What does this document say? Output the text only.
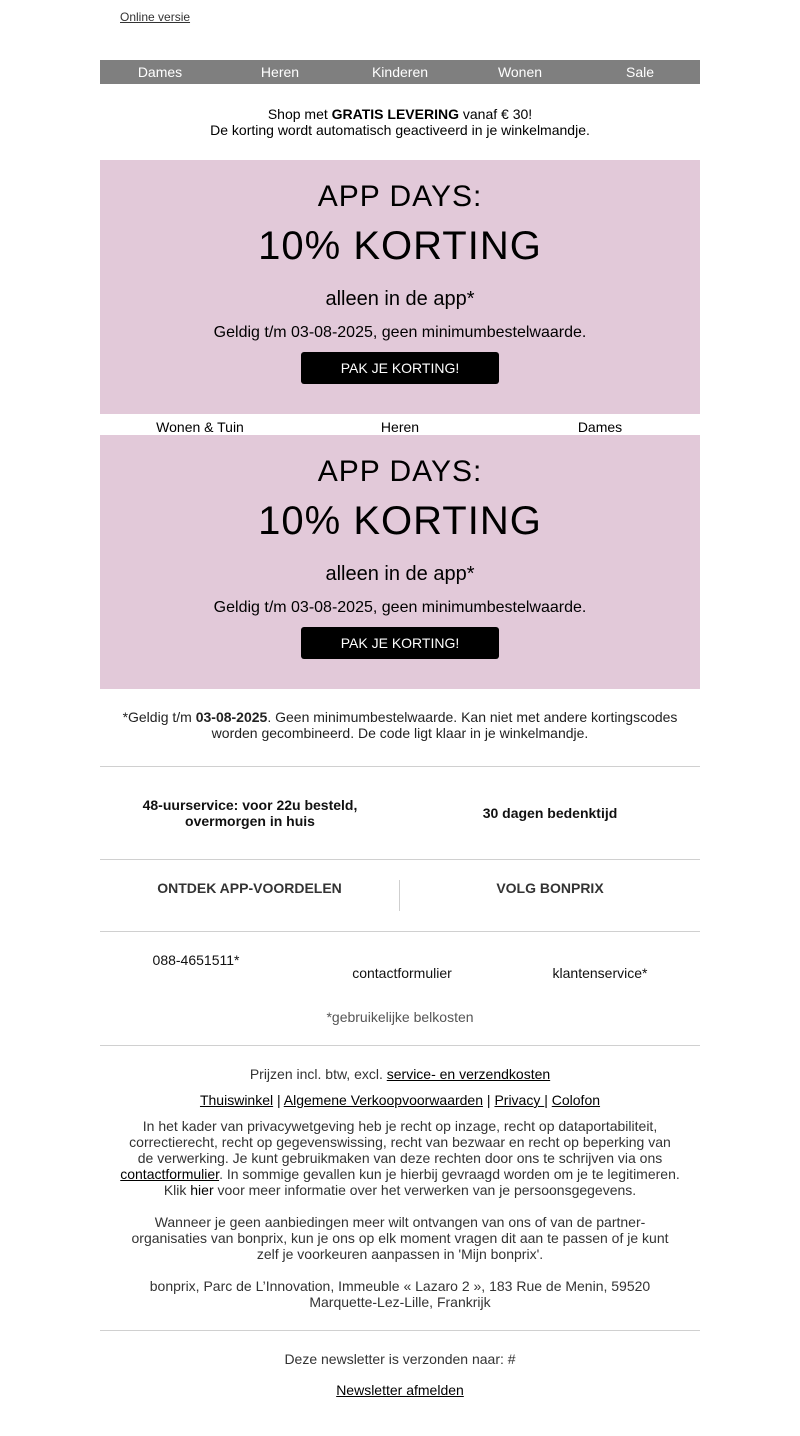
Online versie
Dames	Heren	Kinderen	Wonen	Sale
Shop met GRATIS LEVERING vanaf € 30!
De korting wordt automatisch geactiveerd in je winkelmandje.
APP DAYS:
10% KORTING
alleen in de app*
Geldig t/m 03-08-2025, geen minimumbestelwaarde.
PAK JE KORTING!
Wonen & Tuin	Heren	Dames
APP DAYS:
10% KORTING
alleen in de app*
Geldig t/m 03-08-2025, geen minimumbestelwaarde.
PAK JE KORTING!
*Geldig t/m 03-08-2025. Geen minimumbestelwaarde. Kan niet met andere kortingscodes worden gecombineerd. De code ligt klaar in je winkelmandje.
48-uurservice: voor 22u besteld,
overmorgen in huis	30 dagen bedenktijd
ONTDEK APP-VOORDELEN	VOLG BONPRIX
088-4651511*
contactformulier	klantenservice*
*gebruikelijke belkosten
Prijzen incl. btw, excl. service- en verzendkosten
Thuiswinkel | Algemene Verkoopvoorwaarden | Privacy | Colofon
In het kader van privacywetgeving heb je recht op inzage, recht op dataportabiliteit, correctierecht, recht op gegevenswissing, recht van bezwaar en recht op beperking van de verwerking. Je kunt gebruikmaken van deze rechten door ons te schrijven via ons contactformulier. In sommige gevallen kun je hierbij gevraagd worden om je te legitimeren. Klik hier voor meer informatie over het verwerken van je persoonsgegevens.
Wanneer je geen aanbiedingen meer wilt ontvangen van ons of van de partner-organisaties van bonprix, kun je ons op elk moment vragen dit aan te passen of je kunt zelf je voorkeuren aanpassen in 'Mijn bonprix'.
bonprix, Parc de L’Innovation, Immeuble « Lazaro 2 », 183 Rue de Menin, 59520 Marquette-Lez-Lille, Frankrijk
Deze newsletter is verzonden naar: #
Newsletter afmelden
